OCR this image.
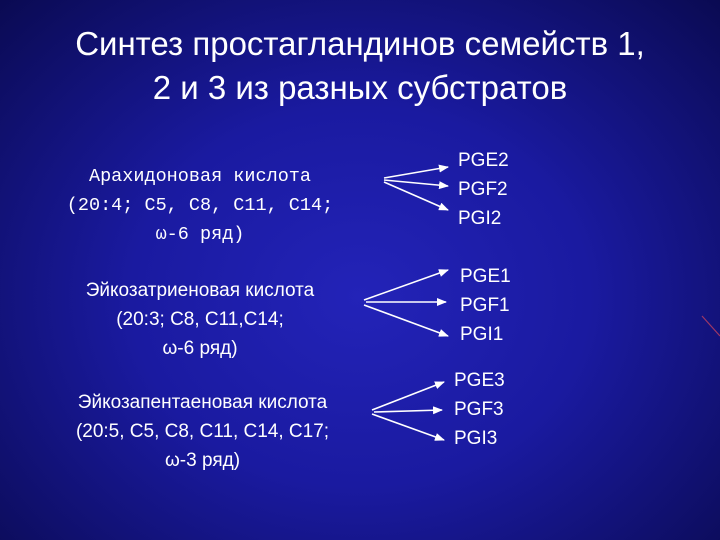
Синтез простагландинов семейств 1,
2 и 3 из разных субстратов
Арахидоновая кислота
(20:4; C5, C8, C11, C14;
ω-6 ряд)
PGE2
PGF2
PGI2
Эйкозатриеновая кислота
(20:3; C8, C11,C14;
ω-6 ряд)
PGE1
PGF1
PGI1
Эйкозапентаеновая кислота
(20:5, C5, C8, C11, C14, C17;
ω-3 ряд)
PGE3
PGF3
PGI3
